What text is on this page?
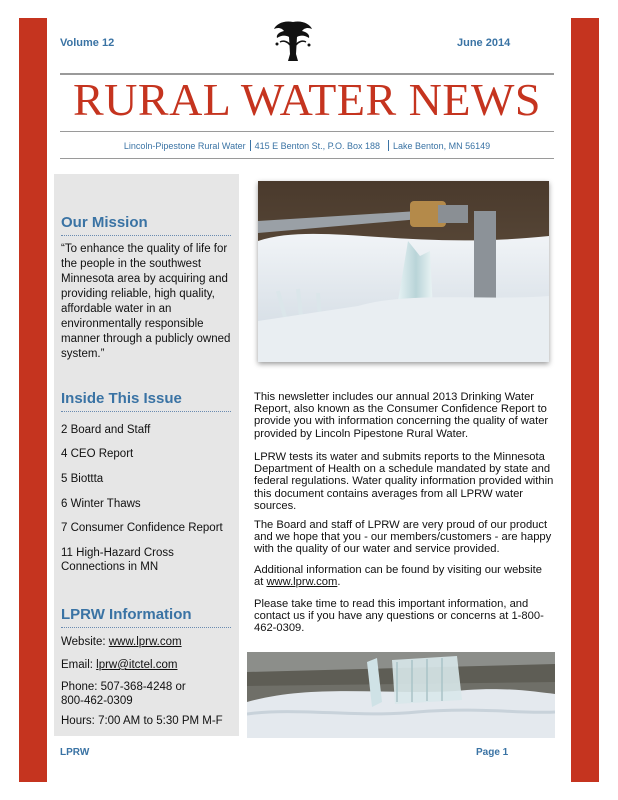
Volume 12	June 2014
RURAL WATER NEWS
Lincoln-Pipestone Rural Water 415 E Benton St., P.O. Box 188 Lake Benton, MN 56149
Our Mission
“To enhance the quality of life for the people in the southwest Minnesota area by acquiring and providing reliable, high quality, affordable water in an environmentally responsible manner through a publicly owned system.”
Inside This Issue
2 Board and Staff
4 CEO Report
5 Biottta
6 Winter Thaws
7 Consumer Confidence Report
11 High-Hazard Cross Connections in MN
LPRW Information
Website: www.lprw.com
Email: lprw@itctel.com
Phone: 507-368-4248 or 800-462-0309
Hours: 7:00 AM to 5:30 PM M-F

This newsletter includes our annual 2013 Drinking Water Report, also known as the Consumer Confidence Report to provide you with information concerning the quality of water provided by Lincoln Pipestone Rural Water.

LPRW tests its water and submits reports to the Minnesota Department of Health on a schedule mandated by state and federal regulations. Water quality information provided within this document contains averages from all LPRW water sources.

The Board and staff of LPRW are very proud of our product and we hope that you - our members/customers - are happy with the quality of our water and service provided.

Additional information can be found by visiting our website at www.lprw.com.

Please take time to read this important information, and contact us if you have any questions or concerns at 1-800-462-0309.

LPRW	Page 1
